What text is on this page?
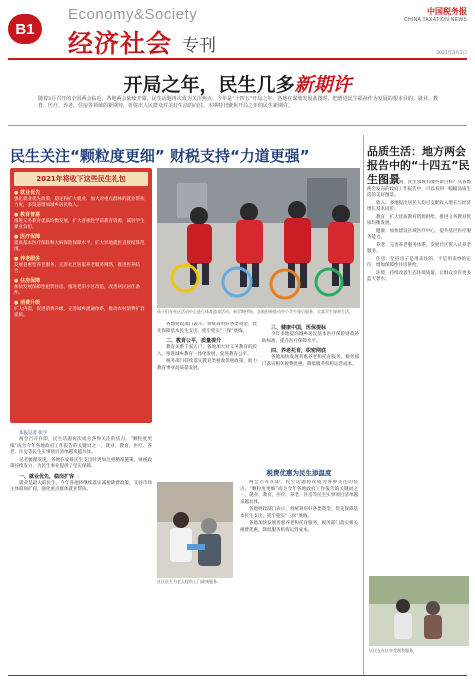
B1
Economy&Society
经济社会 专刊
中国税务报
CHINA TAXATION NEWS
2021年3月1日
开局之年，民生几多新期许
随着3月召开的全国两会临近，各地两会陆续开幕，民生话题再次成为关注焦点。今年是“十四五”开局之年，各地在谋划发展蓝图时，把增进民生福祉作为发展的根本目的。就业、教育、医疗、养老、住房等领域的新期待，折射出人民群众对美好生活的向往。本期特刊聚焦开局之年的民生新期许。
民生关注“颗粒度更细” 财税支持“力道更强”
2021年将收下这些民生礼包
● 就业优先
强化就业优先政策，稳定和扩大就业，加大对重点群体的就业帮扶力度，多渠道增加城乡居民收入。
● 教育普惠
推进义务教育优质均衡发展，扩大普惠性学前教育资源，减轻学生课业负担。
● 医疗保障
提高基本医疗保险和大病保险保障水平，扩大异地就医直接结算范围。
● 养老服务
发展普惠型养老服务，完善社区居家养老服务网络，推进医养结合。
● 住房保障
加快发展保障性租赁住房，推进老旧小区改造，改善居民居住条件。
● 消费升级
扩大内需，促进消费升级，完善城乡流通体系，推动农村消费扩容提质。
孩子们在社区活动中心进行体育游戏活动。新学期伊始，各地积极推动中小学生课后服务，丰富学生课余生活。

本报记者 张宇

两会召开在即，民生话题再次成为各界关注的焦点。“颗粒度更细”成为今年各地政府工作报告的关键词之一，就业、教育、医疗、养老、住房等民生实事项目清单越来越具体。

记者梳理发现，各地在安排民生支出时更加注重精准施策，财税政策持续发力，为民生事业提供了坚实保障。

一、就业优先，稳岗扩容

就业是最大的民生。今年各地将继续落实减税降费政策，支持市场主体稳岗扩岗，强化重点群体就业帮扶。

各地财政部门表示，将统筹用好各类资金，优先保障基本民生支出，兜牢兜实“三保”底线。

二、教育公平，质量提升

教育关系千家万户。各地加大对义务教育的投入，推进城乡教育一体化发展，促进教育公平。

税务部门持续落实教育类税收优惠政策，助力教育事业高质量发展。

三、健康中国，医保提标

今年多地提高城乡居民基本医疗保险财政补助标准，提升医疗保障水平。

四、养老托育，织密网底

各地加快发展普惠养老和托育服务，税务部门落实相关税费优惠，降低服务机构运营成本。

社区医生为老人提供上门健康服务。
税费优惠为民生添温度

两会召开在即，民生话题再次成为各界关注的焦点。“颗粒度更细”成为今年各地政府工作报告的关键词之一，就业、教育、医疗、养老、住房等民生实事项目清单越来越具体。

各地财政部门表示，将统筹用好各类资金，优先保障基本民生支出，兜牢兜实“三保”底线。

各地加快发展普惠养老和托育服务，税务部门落实相关税费优惠，降低服务机构运营成本。

品质生活：地方两会报告中的“十四五”民生图景

“十四五”时期，民生领域有哪些新目标？从各地两会发布的政府工作报告中，可以看到一幅幅品质生活的美好图景。

收入：多地提出居民人均可支配收入增长与经济增长基本同步。

教育：扩大优质教育资源供给，推进义务教育优质均衡发展。

健康：加快建设区域医疗中心，提升基层医疗服务能力。

养老：完善养老服务体系，发展社区嵌入式养老服务。

住房：坚持房子是用来住的、不是用来炒的定位，增加保障性住房供给。

环境：持续改善生态环境质量，让群众享有更多蓝天碧水。

居民在社区享受便利服务。
